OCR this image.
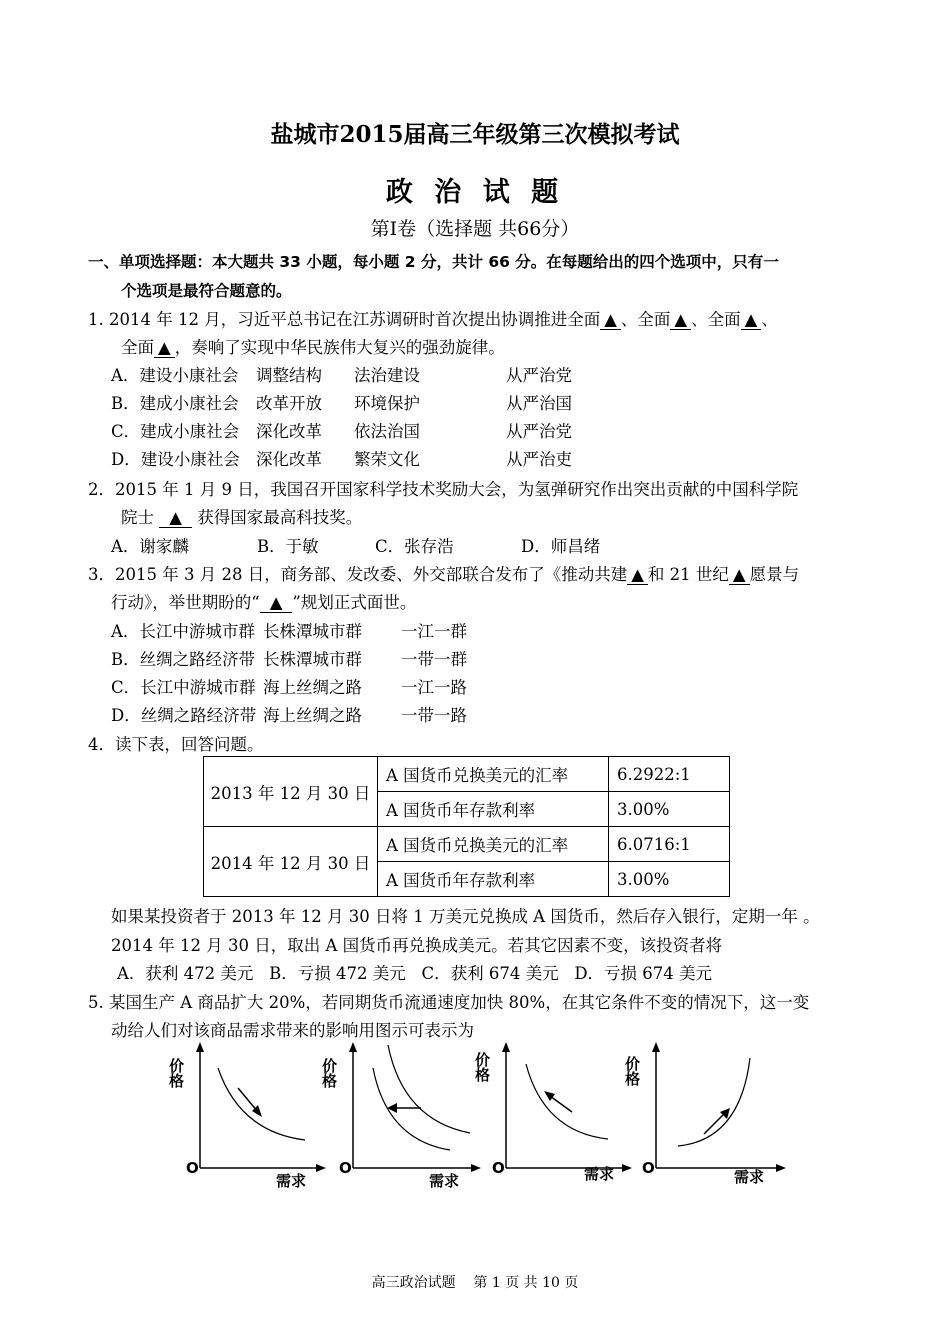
盐城市2015届高三年级第三次模拟考试
政 治 试 题
第Ⅰ卷（选择题 共66分）
一、单项选择题：本大题共 33 小题，每小题 2 分，共计 66 分。在每题给出的四个选项中，只有一
个选项是最符合题意的。
1. 2014 年 12 月，习近平总书记在江苏调研时首次提出协调推进全面 ▲ 、全面 ▲ 、全面 ▲ 、
全面 ▲ ，奏响了实现中华民族伟大复兴的强劲旋律。
A．建设小康社会 调整结构 法治建设	从严治党
B．建成小康社会 改革开放 环境保护	从严治国
C．建成小康社会 深化改革 依法治国	从严治党
D．建设小康社会 深化改革 繁荣文化	从严治吏
2．2015 年 1 月 9 日，我国召开国家科学技术奖励大会，为氢弹研究作出突出贡献的中国科学院
院士 ▲ 获得国家最高科技奖。
A．谢家麟	B．于敏	C．张存浩	D．师昌绪
3．2015 年 3 月 28 日，商务部、发改委、外交部联合发布了《推动共建 ▲ 和 21 世纪 ▲ 愿景与
行动》，举世期盼的“ ▲ ”规划正式面世。
A．长江中游城市群 长株潭城市群 一江一群
B．丝绸之路经济带 长株潭城市群 一带一群
C．长江中游城市群 海上丝绸之路 一江一路
D．丝绸之路经济带 海上丝绸之路 一带一路
4．读下表，回答问题。
2013 年 12 月 30 日	A 国货币兑换美元的汇率	6.2922:1
	A 国货币年存款利率	3.00%
2014 年 12 月 30 日	A 国货币兑换美元的汇率	6.0716:1
	A 国货币年存款利率	3.00%
如果某投资者于 2013 年 12 月 30 日将 1 万美元兑换成 A 国货币，然后存入银行，定期一年 。
2014 年 12 月 30 日，取出 A 国货币再兑换成美元。若其它因素不变，该投资者将
A．获利 472 美元   B．亏损 472 美元   C．获利 674 美元   D．亏损 674 美元
5. 某国生产 A 商品扩大 20%，若同期货币流通速度加快 80%，在其它条件不变的情况下，这一变
动给人们对该商品需求带来的影响用图示可表示为
价格
O
需求
价格
O
需求
价格
O	需求
价格
O	需求
高三政治试题    第 1 页 共 10 页
